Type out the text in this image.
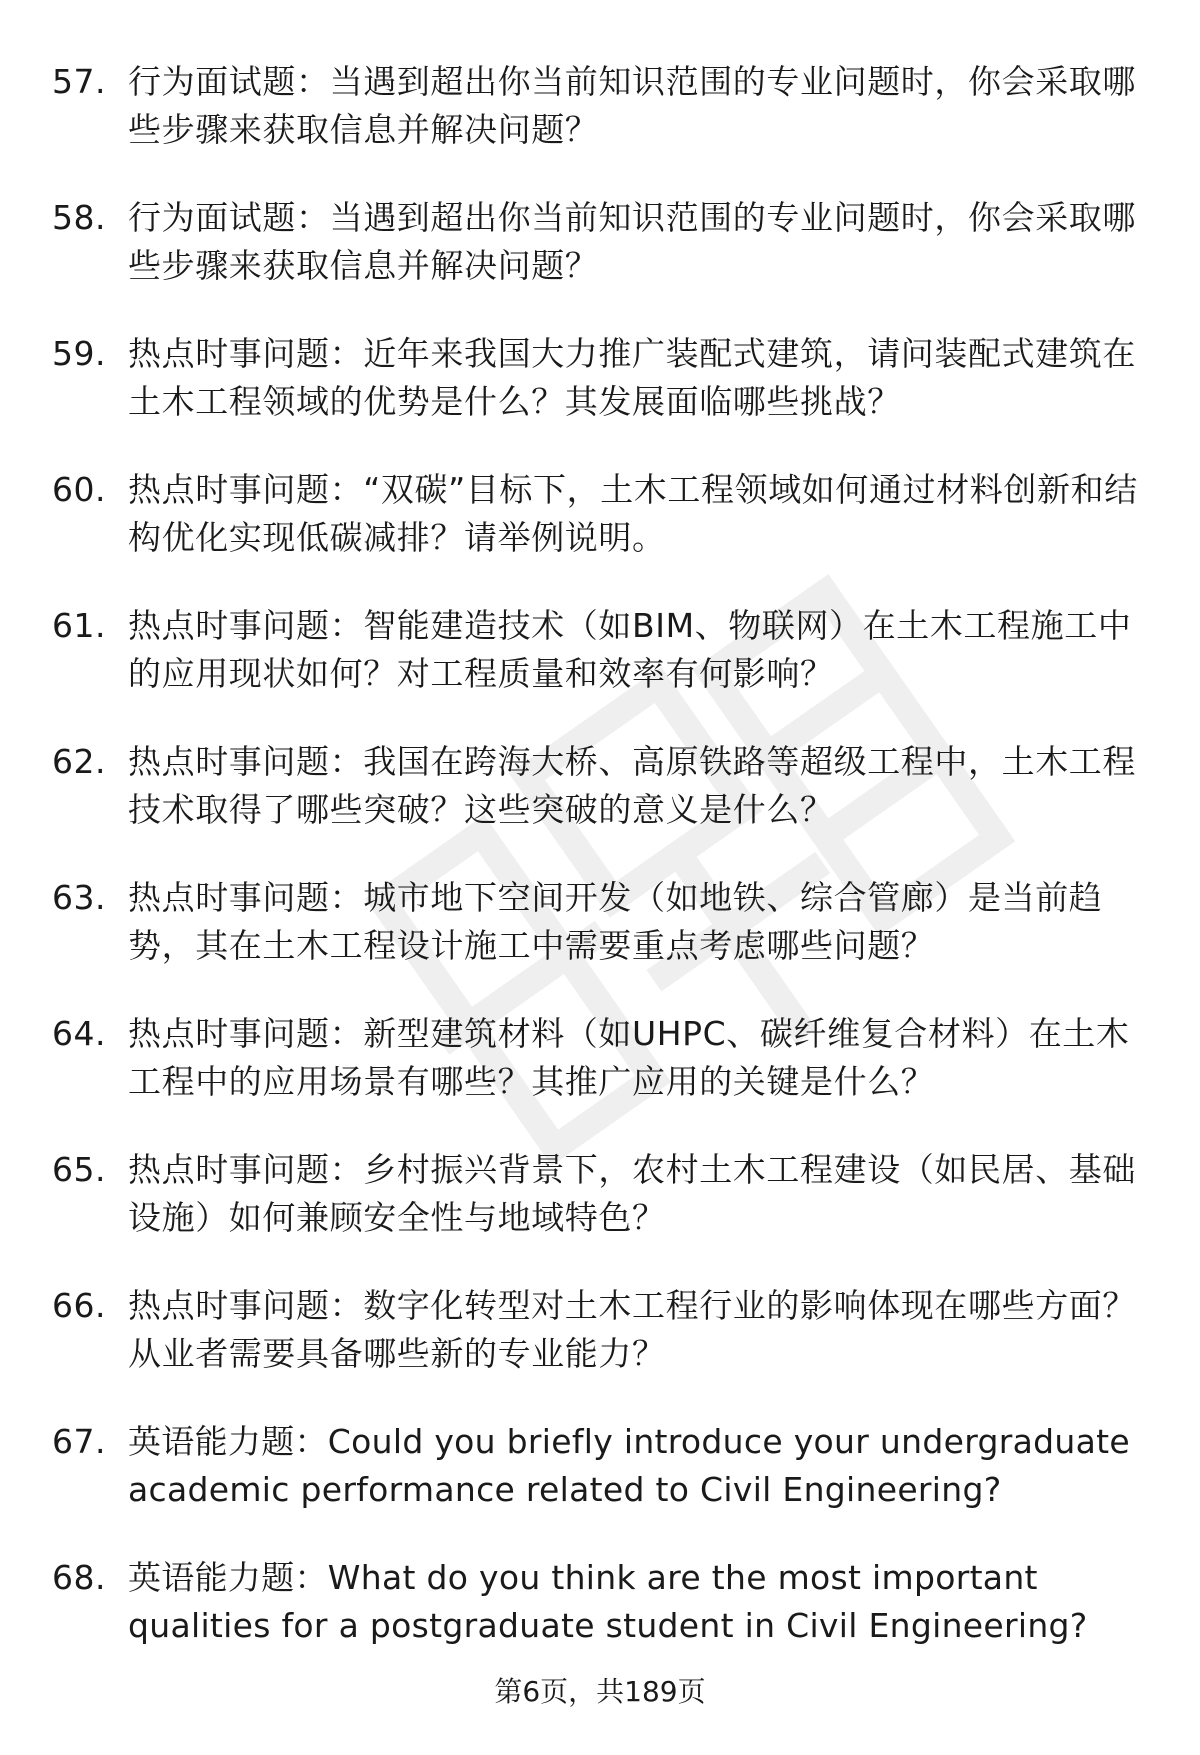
57. 行为面试题：当遇到超出你当前知识范围的专业问题时，你会采取哪些步骤来获取信息并解决问题？
58. 行为面试题：当遇到超出你当前知识范围的专业问题时，你会采取哪些步骤来获取信息并解决问题？
59. 热点时事问题：近年来我国大力推广装配式建筑，请问装配式建筑在土木工程领域的优势是什么？其发展面临哪些挑战？
60. 热点时事问题：“双碳”目标下，土木工程领域如何通过材料创新和结构优化实现低碳减排？请举例说明。
61. 热点时事问题：智能建造技术（如BIM、物联网）在土木工程施工中的应用现状如何？对工程质量和效率有何影响？
62. 热点时事问题：我国在跨海大桥、高原铁路等超级工程中，土木工程技术取得了哪些突破？这些突破的意义是什么？
63. 热点时事问题：城市地下空间开发（如地铁、综合管廊）是当前趋势，其在土木工程设计施工中需要重点考虑哪些问题？
64. 热点时事问题：新型建筑材料（如UHPC、碳纤维复合材料）在土木工程中的应用场景有哪些？其推广应用的关键是什么？
65. 热点时事问题：乡村振兴背景下，农村土木工程建设（如民居、基础设施）如何兼顾安全性与地域特色？
66. 热点时事问题：数字化转型对土木工程行业的影响体现在哪些方面？从业者需要具备哪些新的专业能力？
67. 英语能力题：Could you briefly introduce your undergraduate academic performance related to Civil Engineering?
68. 英语能力题：What do you think are the most important qualities for a postgraduate student in Civil Engineering?
第6页，共189页
